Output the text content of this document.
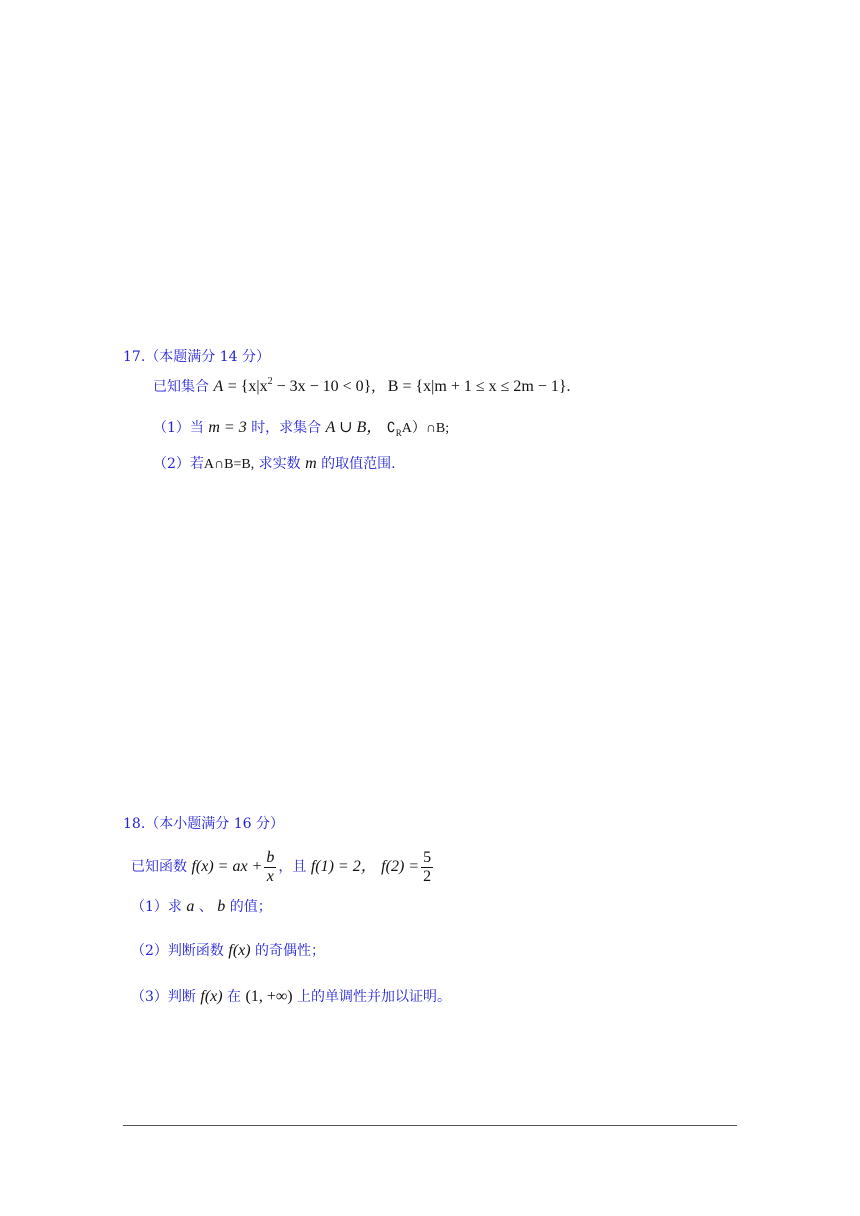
17.（本题满分 14 分）
已知集合 $A = \{x|x^2 - 3x - 10 < 0\}$, B = {x|m + 1 ≤ x ≤ 2m − 1}.
（1）当 m = 3 时，求集合 A ∪ B， $∁_RA)\cap B$;
（2）若A∩B=B, 求实数 m 的取值范围.
18.（本小题满分 16 分）
已知函数 f(x) = ax + $\frac{b}{x}$ ，且 f(1) = 2， $f(2) = \frac{5}{2}$
（1）求 a 、 b 的值；
（2）判断函数 f(x) 的奇偶性；
（3）判断 f(x) 在 (1, +∞) 上的单调性并加以证明。
